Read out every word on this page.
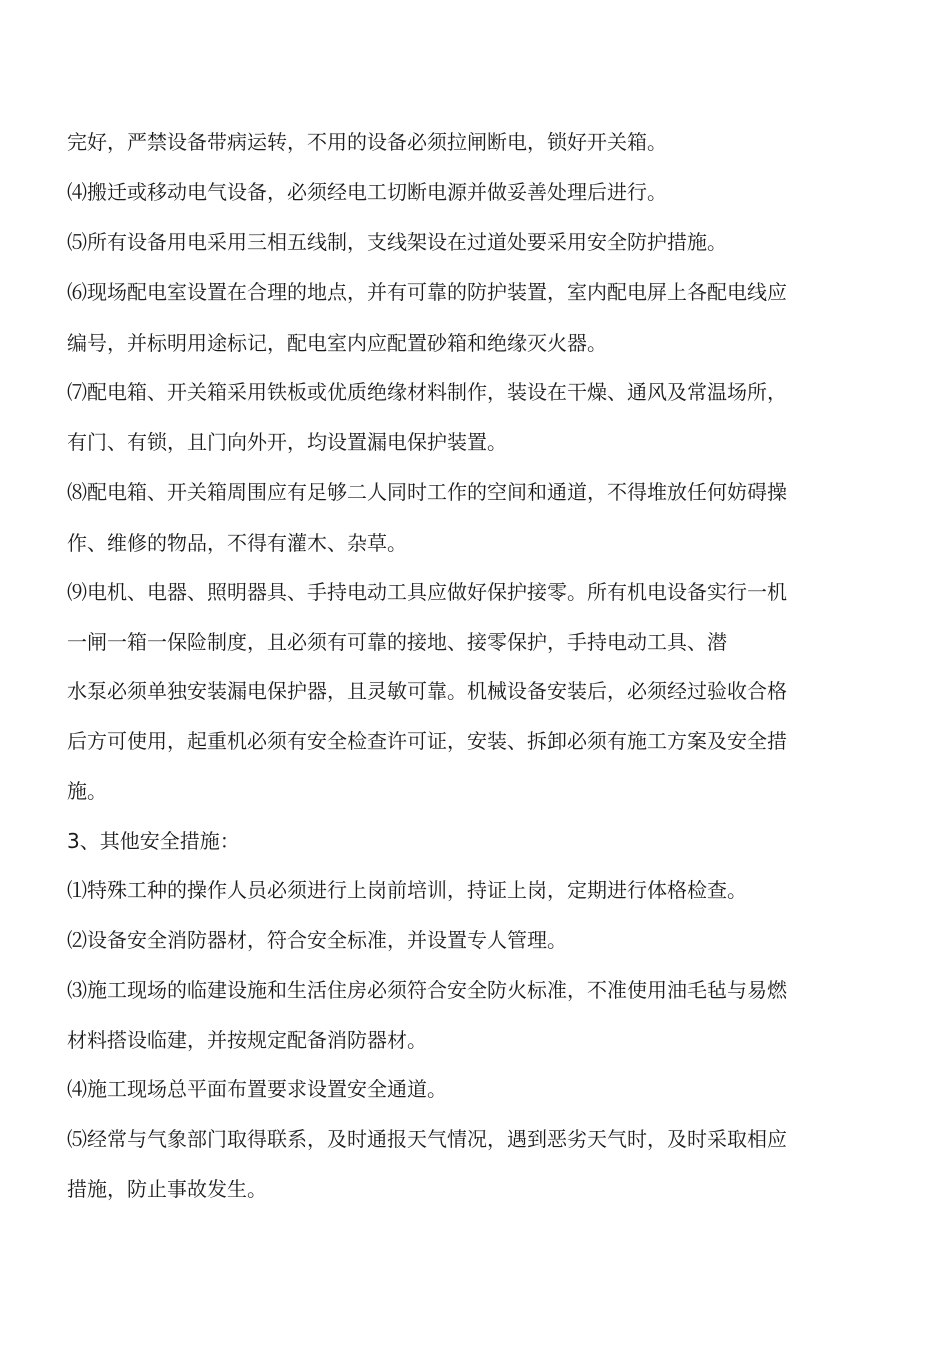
完好，严禁设备带病运转，不用的设备必须拉闸断电，锁好开关箱。
⑷搬迁或移动电气设备，必须经电工切断电源并做妥善处理后进行。
⑸所有设备用电采用三相五线制，支线架设在过道处要采用安全防护措施。
⑹现场配电室设置在合理的地点，并有可靠的防护装置，室内配电屏上各配电线应
编号，并标明用途标记，配电室内应配置砂箱和绝缘灭火器。
⑺配电箱、开关箱采用铁板或优质绝缘材料制作，装设在干燥、通风及常温场所，
有门、有锁，且门向外开，均设置漏电保护装置。
⑻配电箱、开关箱周围应有足够二人同时工作的空间和通道，不得堆放任何妨碍操
作、维修的物品，不得有灌木、杂草。
⑼电机、电器、照明器具、手持电动工具应做好保护接零。所有机电设备实行一机
一闸一箱一保险制度，且必须有可靠的接地、接零保护，手持电动工具、潜
水泵必须单独安装漏电保护器，且灵敏可靠。机械设备安装后，必须经过验收合格
后方可使用，起重机必须有安全检查许可证，安装、拆卸必须有施工方案及安全措
施。
3、其他安全措施：
⑴特殊工种的操作人员必须进行上岗前培训，持证上岗，定期进行体格检查。
⑵设备安全消防器材，符合安全标准，并设置专人管理。
⑶施工现场的临建设施和生活住房必须符合安全防火标准，不准使用油毛毡与易燃
材料搭设临建，并按规定配备消防器材。
⑷施工现场总平面布置要求设置安全通道。
⑸经常与气象部门取得联系，及时通报天气情况，遇到恶劣天气时，及时采取相应
措施，防止事故发生。
